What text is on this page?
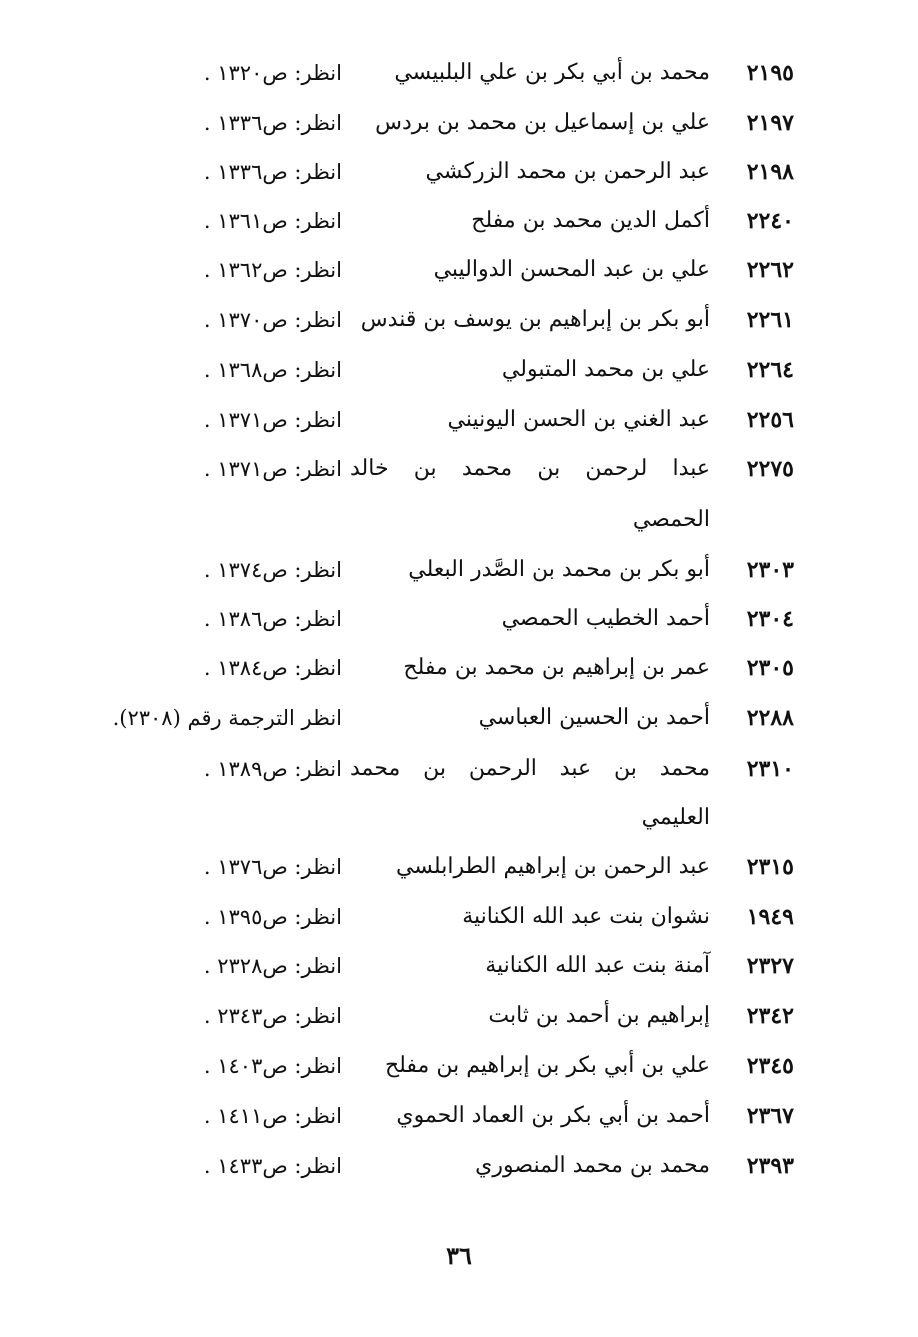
٢١٩٥
محمد بن أبي بكر بن علي البلبيسي
انظر: ص١٣٢٠ .
٢١٩٧
علي بن إسماعيل بن محمد بن بردس
انظر: ص١٣٣٦ .
٢١٩٨
عبد الرحمن بن محمد الزركشي
انظر: ص١٣٣٦ .
٢٢٤٠
أكمل الدين محمد بن مفلح
انظر: ص١٣٦١ .
٢٢٦٢
علي بن عبد المحسن الدواليبي
انظر: ص١٣٦٢ .
٢٢٦١
أبو بكر بن إبراهيم بن يوسف بن قندس
انظر: ص١٣٧٠ .
٢٢٦٤
علي بن محمد المتبولي
انظر: ص١٣٦٨ .
٢٢٥٦
عبد الغني بن الحسن اليونيني
انظر: ص١٣٧١ .
٢٢٧٥
عبدا لرحمن بن محمد بن خالد
انظر: ص١٣٧١ .
الحمصي
٢٣٠٣
أبو بكر بن محمد بن الصَّدر البعلي
انظر: ص١٣٧٤ .
٢٣٠٤
أحمد الخطيب الحمصي
انظر: ص١٣٨٦ .
٢٣٠٥
عمر بن إبراهيم بن محمد بن مفلح
انظر: ص١٣٨٤ .
٢٢٨٨
أحمد بن الحسين العباسي
انظر الترجمة رقم (٢٣٠٨).
٢٣١٠
محمد بن عبد الرحمن بن محمد
انظر: ص١٣٨٩ .
العليمي
٢٣١٥
عبد الرحمن بن إبراهيم الطرابلسي
انظر: ص١٣٧٦ .
١٩٤٩
نشوان بنت عبد الله الكنانية
انظر: ص١٣٩٥ .
٢٣٢٧
آمنة بنت عبد الله الكنانية
انظر: ص٢٣٢٨ .
٢٣٤٢
إبراهيم بن أحمد بن ثابت
انظر: ص٢٣٤٣ .
٢٣٤٥
علي بن أبي بكر بن إبراهيم بن مفلح
انظر: ص١٤٠٣ .
٢٣٦٧
أحمد بن أبي بكر بن العماد الحموي
انظر: ص١٤١١ .
٢٣٩٣
محمد بن محمد المنصوري
انظر: ص١٤٣٣ .
٣٦
